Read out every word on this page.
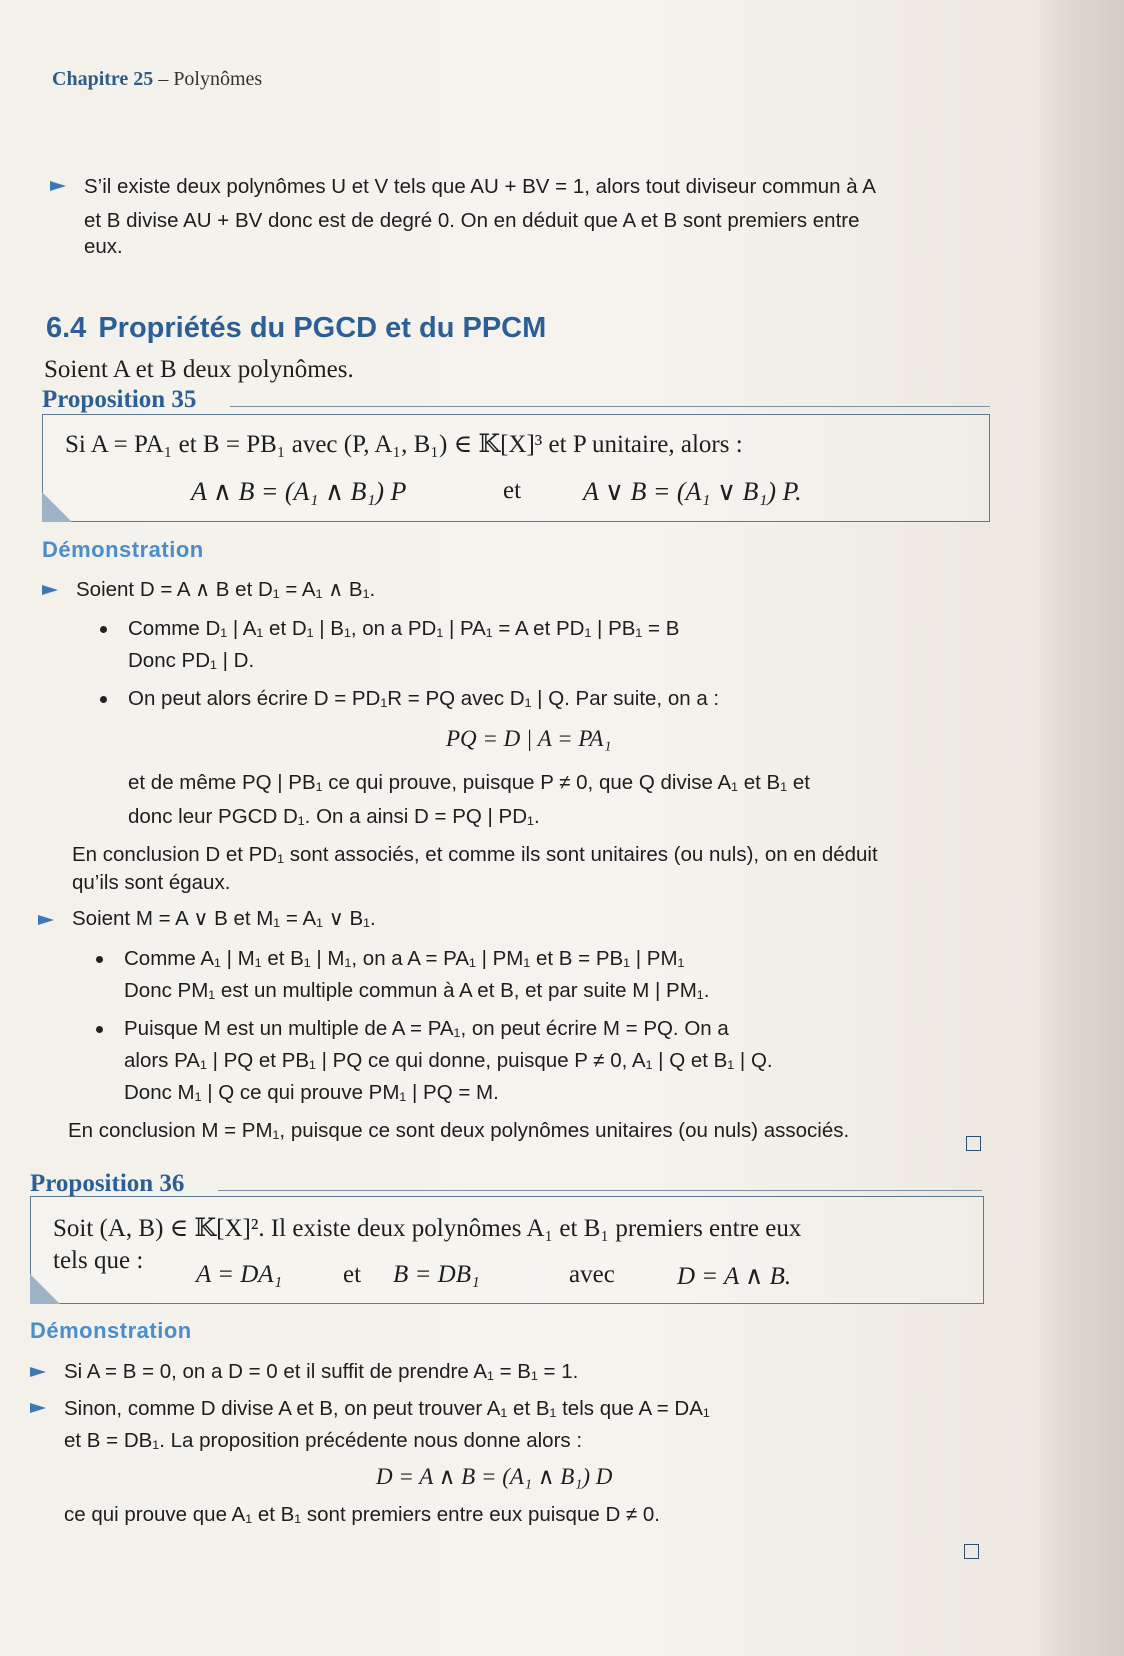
Chapitre 25 – Polynômes
S’il existe deux polynômes U et V tels que AU + BV = 1, alors tout diviseur commun à A
et B divise AU + BV donc est de degré 0. On en déduit que A et B sont premiers entre
eux.
6.4 Propriétés du PGCD et du PPCM
Soient A et B deux polynômes.
Proposition 35
Si A = PA₁ et B = PB₁ avec (P, A₁, B₁) ∈ 𝕂[X]³ et P unitaire, alors :
A ∧ B = (A₁ ∧ B₁) P	et A ∨ B = (A₁ ∨ B₁) P.
Démonstration
Soient D = A ∧ B et D₁ = A₁ ∧ B₁.
Comme D₁ | A₁ et D₁ | B₁, on a PD₁ | PA₁ = A et PD₁ | PB₁ = B
Donc PD₁ | D.
On peut alors écrire D = PD₁R = PQ avec D₁ | Q. Par suite, on a :
PQ = D | A = PA₁
et de même PQ | PB₁ ce qui prouve, puisque P ≠ 0, que Q divise A₁ et B₁ et
donc leur PGCD D₁. On a ainsi D = PQ | PD₁.
En conclusion D et PD₁ sont associés, et comme ils sont unitaires (ou nuls), on en déduit
qu’ils sont égaux.
Soient M = A ∨ B et M₁ = A₁ ∨ B₁.
Comme A₁ | M₁ et B₁ | M₁, on a A = PA₁ | PM₁ et B = PB₁ | PM₁
Donc PM₁ est un multiple commun à A et B, et par suite M | PM₁.
Puisque M est un multiple de A = PA₁, on peut écrire M = PQ. On a
alors PA₁ | PQ et PB₁ | PQ ce qui donne, puisque P ≠ 0, A₁ | Q et B₁ | Q.
Donc M₁ | Q ce qui prouve PM₁ | PQ = M.
En conclusion M = PM₁, puisque ce sont deux polynômes unitaires (ou nuls) associés.
Proposition 36
Soit (A, B) ∈ 𝕂[X]². Il existe deux polynômes A₁ et B₁ premiers entre eux
tels que :
A = DA₁ et B = DB₁	avec D = A ∧ B.
Démonstration
Si A = B = 0, on a D = 0 et il suffit de prendre A₁ = B₁ = 1.
Sinon, comme D divise A et B, on peut trouver A₁ et B₁ tels que A = DA₁
et B = DB₁. La proposition précédente nous donne alors :
D = A ∧ B = (A₁ ∧ B₁) D
ce qui prouve que A₁ et B₁ sont premiers entre eux puisque D ≠ 0.
